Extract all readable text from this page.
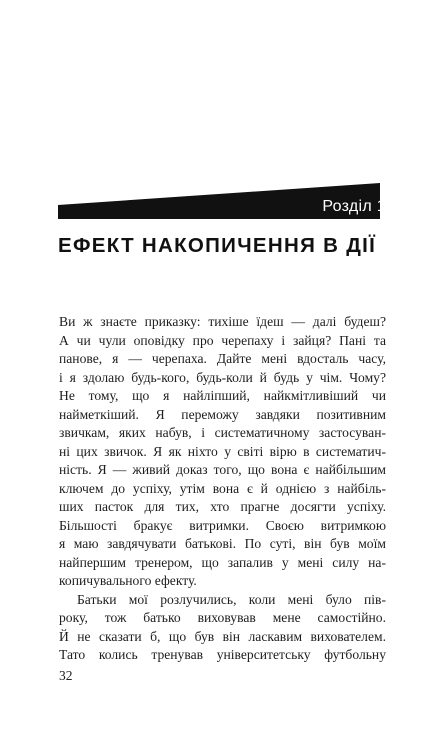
Розділ 1
ЕФЕКТ НАКОПИЧЕННЯ В ДІЇ
Ви ж знаєте приказку: тихіше їдеш — далі будеш?
А чи чули оповідку про черепаху і зайця? Пані та
панове, я — черепаха. Дайте мені вдосталь часу,
і я здолаю будь-кого, будь-коли й будь у чім. Чому?
Не тому, що я найліпший, найкмітливіший чи
найметкіший. Я переможу завдяки позитивним
звичкам, яких набув, і систематичному застосуван-
ні цих звичок. Я як ніхто у світі вірю в систематич-
ність. Я — живий доказ того, що вона є найбільшим
ключем до успіху, утім вона є й однією з найбіль-
ших пасток для тих, хто прагне досягти успіху.
Більшості бракує витримки. Своєю витримкою
я маю завдячувати батькові. По суті, він був моїм
найпершим тренером, що запалив у мені силу на-
копичувального ефекту.
Батьки мої розлучились, коли мені було пів-
року, тож батько виховував мене самостійно.
Й не сказати б, що був він ласкавим вихователем.
Тато колись тренував університетську футбольну
32
